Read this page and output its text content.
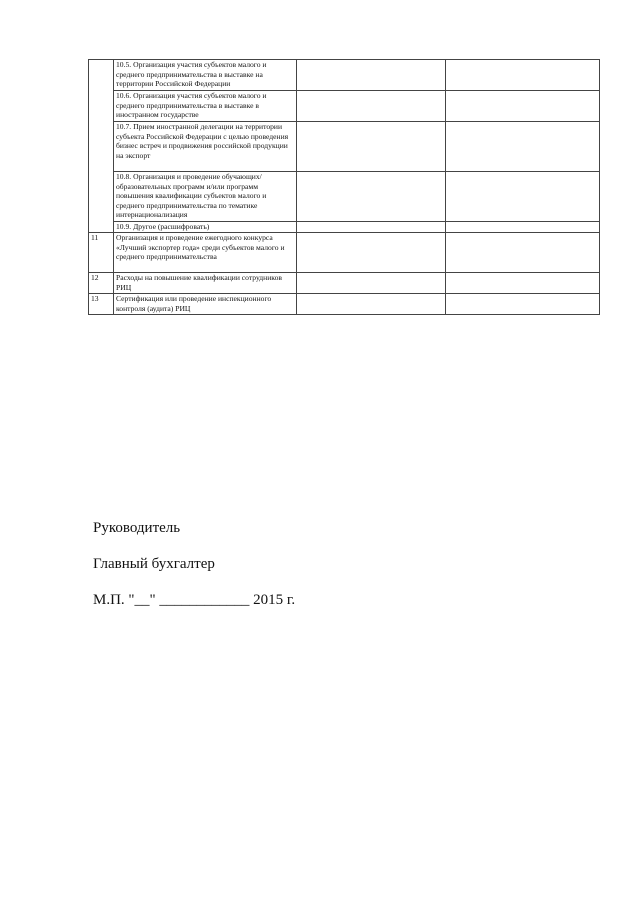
	10.5. Организация участия субъектов малого и среднего предпринимательства в выставке на территории Российской Федерации		
	10.6. Организация участия субъектов малого и среднего предпринимательства в выставке в иностранном государстве		
	10.7. Прием иностранной делегации на территории субъекта Российской Федерации с целью проведения бизнес встреч и продвижения российской продукции на экспорт		
	10.8. Организация и проведение обучающих/образовательных программ и/или программ повышения квалификации субъектов малого и среднего предпринимательства по тематике интернационализация		
	10.9. Другое (расшифровать)		
11	Организация и проведение ежегодного конкурса «Лучший экспортер года» среди субъектов малого и среднего предпринимательства		
12	Расходы на повышение квалификации сотрудников РИЦ		
13	Сертификация или проведение инспекционного контроля (аудита) РИЦ		
Руководитель
Главный бухгалтер
М.П. "__" ____________ 2015 г.
